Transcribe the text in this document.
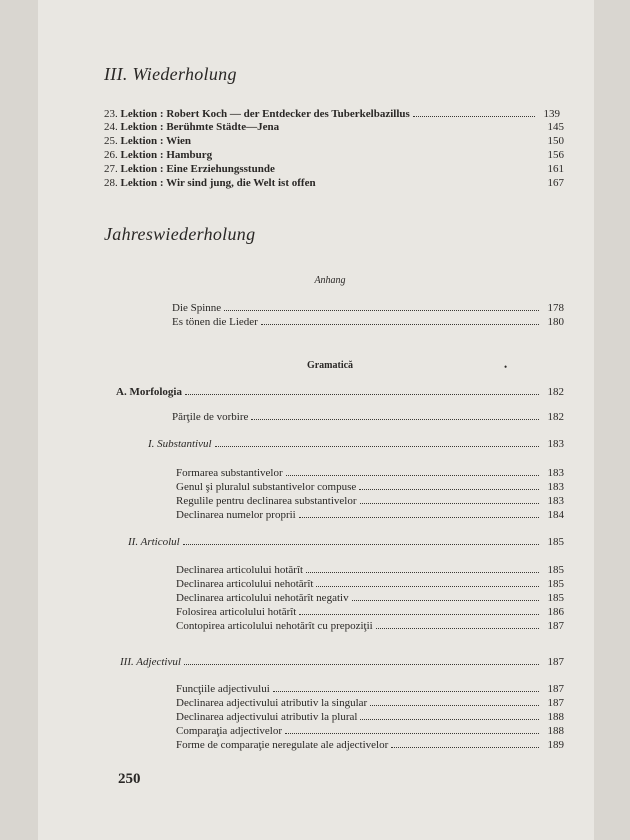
III. Wiederholung
23. Lektion : Robert Koch — der Entdecker des Tuberkelbazillus	139
24. Lektion : Berühmte Städte—Jena	145
25. Lektion : Wien	150
26. Lektion : Hamburg	156
27. Lektion : Eine Erziehungsstunde	161
28. Lektion : Wir sind jung, die Welt ist offen	167
Jahreswiederholung
Anhang
Die Spinne	178
Es tönen die Lieder	180
Gramatică	•
A. Morfologia	182
Părţile de vorbire	182
I. Substantivul	183
Formarea substantivelor	183
Genul şi pluralul substantivelor compuse	183
Regulile pentru declinarea substantivelor	183
Declinarea numelor proprii	184
II. Articolul	185
Declinarea articolului hotărît	185
Declinarea articolului nehotărît	185
Declinarea articolului nehotărît negativ	185
Folosirea articolului hotărît	186
Contopirea articolului nehotărît cu prepoziţii	187
III. Adjectivul	187
Funcţiile adjectivului	187
Declinarea adjectivului atributiv la singular	187
Declinarea adjectivului atributiv la plural	188
Comparaţia adjectivelor	188
Forme de comparaţie neregulate ale adjectivelor	189
250
